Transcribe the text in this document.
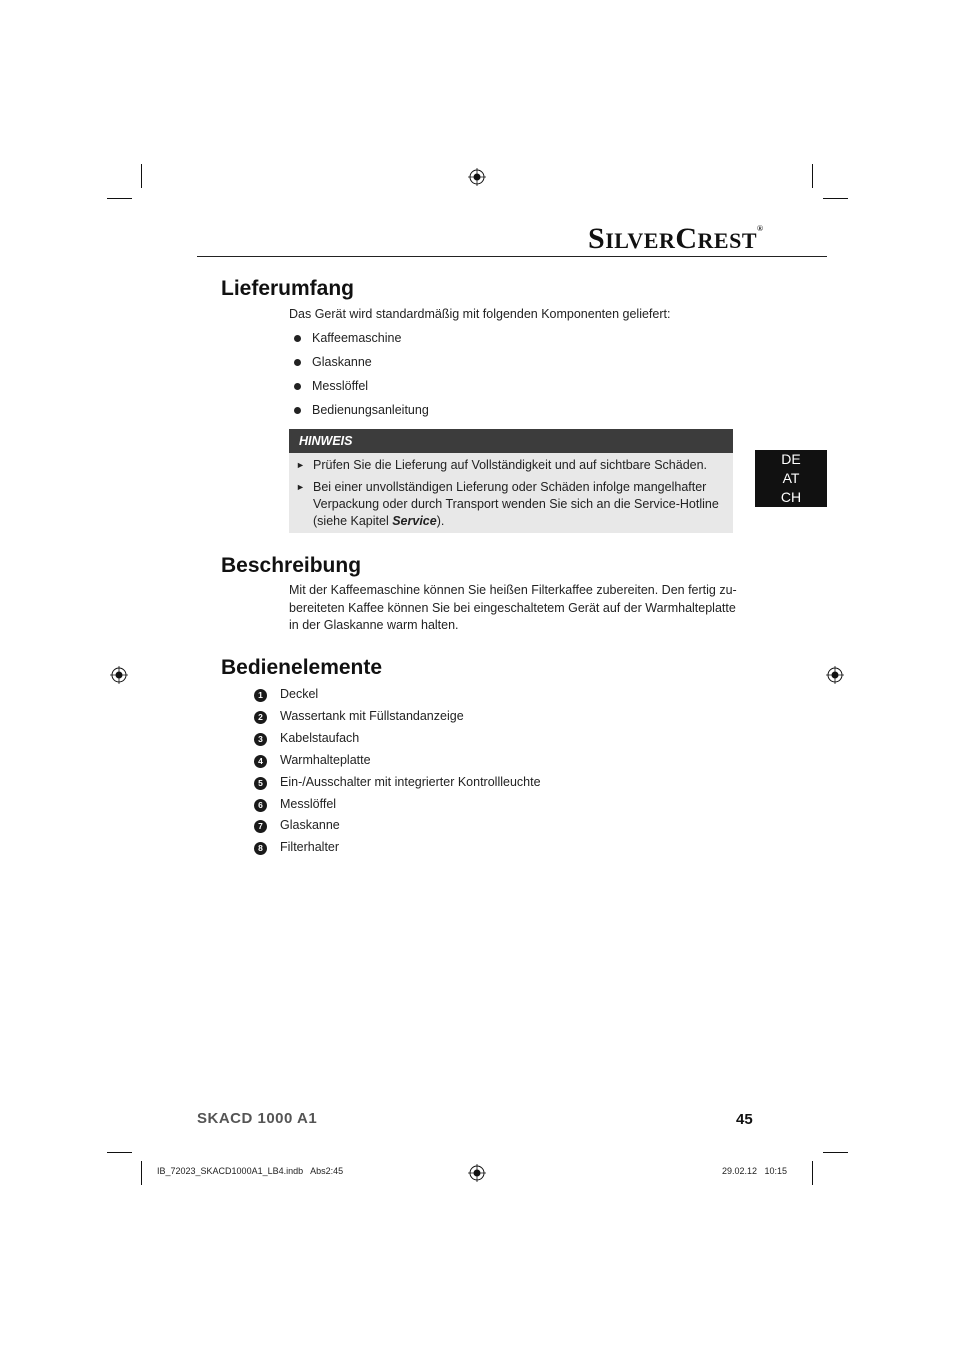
SILVERCREST®
Lieferumfang
Das Gerät wird standardmäßig mit folgenden Komponenten geliefert:
Kaffeemaschine
Glaskanne
Messlöffel
Bedienungsanleitung
HINWEIS
► Prüfen Sie die Lieferung auf Vollständigkeit und auf sichtbare Schäden.
► Bei einer unvollständigen Lieferung oder Schäden infolge mangelhafter
Verpackung oder durch Transport wenden Sie sich an die Service-Hotline
(siehe Kapitel Service).
DE
AT
CH
Beschreibung
Mit der Kaffeemaschine können Sie heißen Filterkaffee zubereiten. Den fertig zu-
bereiteten Kaffee können Sie bei eingeschaltetem Gerät auf der Warmhalteplatte
in der Glaskanne warm halten.
Bedienelemente
1	Deckel
2	Wassertank mit Füllstandanzeige
3	Kabelstaufach
4	Warmhalteplatte
5	Ein-/Ausschalter mit integrierter Kontrollleuchte
6	Messlöffel
7	Glaskanne
8	Filterhalter
SKACD 1000 A1	45
IB_72023_SKACD1000A1_LB4.indb   Abs2:45	29.02.12   10:15
